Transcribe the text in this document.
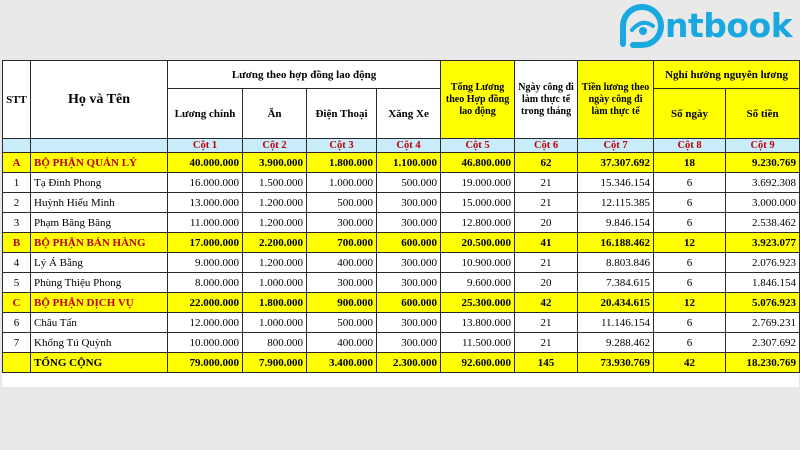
ntbook
STT	Họ và Tên	Lương theo hợp đồng lao động				Tổng Lương theo Hợp đồng lao động	Ngày công đi làm thực tế trong tháng	Tiền lương theo ngày công đi làm thực tế	Nghỉ hưởng nguyên lương	
		Lương chính	Ăn	Điện Thoại	Xăng Xe				Số ngày	Số tiền
		Cột 1	Cột 2	Cột 3	Cột 4	Cột 5	Cột 6	Cột 7	Cột 8	Cột 9
A	BỘ PHẬN QUẢN LÝ	40.000.000	3.900.000	1.800.000	1.100.000	46.800.000	62	37.307.692	18	9.230.769
1	Tạ Đình Phong	16.000.000	1.500.000	1.000.000	500.000	19.000.000	21	15.346.154	6	3.692.308
2	Huỳnh Hiểu Minh	13.000.000	1.200.000	500.000	300.000	15.000.000	21	12.115.385	6	3.000.000
3	Phạm Băng Băng	11.000.000	1.200.000	300.000	300.000	12.800.000	20	9.846.154	6	2.538.462
B	BỘ PHẬN BÁN HÀNG	17.000.000	2.200.000	700.000	600.000	20.500.000	41	16.188.462	12	3.923.077
4	Lý Á Bằng	9.000.000	1.200.000	400.000	300.000	10.900.000	21	8.803.846	6	2.076.923
5	Phùng Thiệu Phong	8.000.000	1.000.000	300.000	300.000	9.600.000	20	7.384.615	6	1.846.154
C	BỘ PHẬN DỊCH VỤ	22.000.000	1.800.000	900.000	600.000	25.300.000	42	20.434.615	12	5.076.923
6	Châu Tấn	12.000.000	1.000.000	500.000	300.000	13.800.000	21	11.146.154	6	2.769.231
7	Khổng Tú Quỳnh	10.000.000	800.000	400.000	300.000	11.500.000	21	9.288.462	6	2.307.692
	TỔNG CỘNG	79.000.000	7.900.000	3.400.000	2.300.000	92.600.000	145	73.930.769	42	18.230.769
